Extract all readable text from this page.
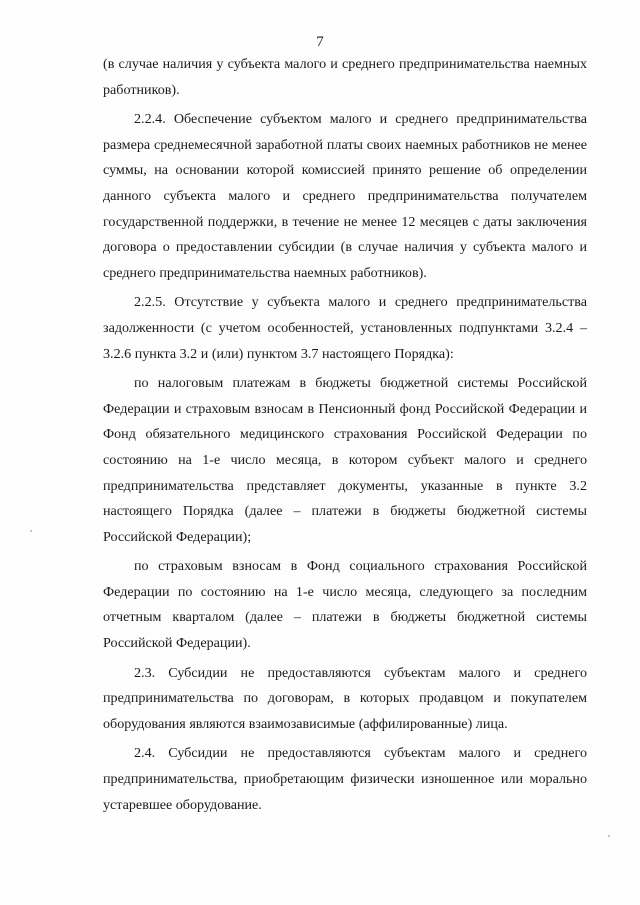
7

(в случае наличия у субъекта малого и среднего предпринимательства наемных работников).

2.2.4. Обеспечение субъектом малого и среднего предпринимательства размера среднемесячной заработной платы своих наемных работников не менее суммы, на основании которой комиссией принято решение об определении данного субъекта малого и среднего предпринимательства получателем государственной поддержки, в течение не менее 12 месяцев с даты заключения договора о предоставлении субсидии (в случае наличия у субъекта малого и среднего предпринимательства наемных работников).

2.2.5. Отсутствие у субъекта малого и среднего предпринимательства задолженности (с учетом особенностей, установленных подпунктами 3.2.4 – 3.2.6 пункта 3.2 и (или) пунктом 3.7 настоящего Порядка):

по налоговым платежам в бюджеты бюджетной системы Российской Федерации и страховым взносам в Пенсионный фонд Российской Федерации и Фонд обязательного медицинского страхования Российской Федерации по состоянию на 1-е число месяца, в котором субъект малого и среднего предпринимательства представляет документы, указанные в пункте 3.2 настоящего Порядка (далее – платежи в бюджеты бюджетной системы Российской Федерации);

по страховым взносам в Фонд социального страхования Российской Федерации по состоянию на 1-е число месяца, следующего за последним отчетным кварталом (далее – платежи в бюджеты бюджетной системы Российской Федерации).

2.3. Субсидии не предоставляются субъектам малого и среднего предпринимательства по договорам, в которых продавцом и покупателем оборудования являются взаимозависимые (аффилированные) лица.

2.4. Субсидии не предоставляются субъектам малого и среднего предпринимательства, приобретающим физически изношенное или морально устаревшее оборудование.
